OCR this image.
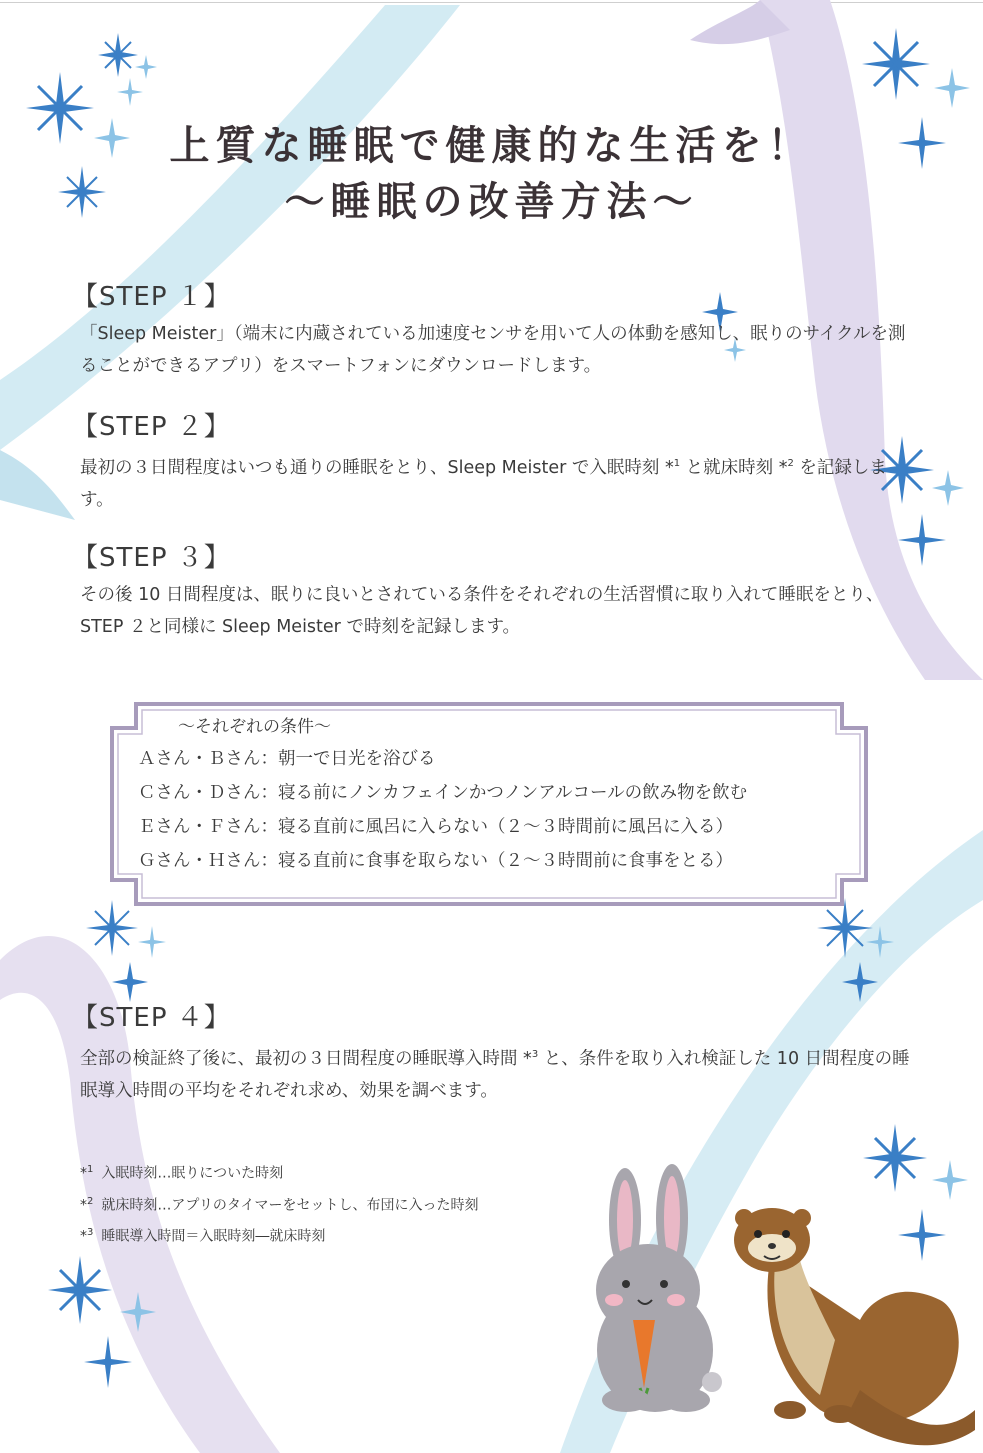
上質な睡眠で健康的な生活を！
～睡眠の改善方法～
【STEP １】

「Sleep Meister」（端末に内蔵されている加速度センサを用いて人の体動を感知し、眠りのサイクルを測ることができるアプリ）をスマートフォンにダウンロードします。

【STEP ２】

最初の３日間程度はいつも通りの睡眠をとり、Sleep Meister で入眠時刻 *$^1$ と就床時刻 *$^2$ を記録します。

【STEP ３】

その後 10 日間程度は、眠りに良いとされている条件をそれぞれの生活習慣に取り入れて睡眠をとり、STEP ２と同様に Sleep Meister で時刻を記録します。

～それぞれの条件～
Ａさん・Ｂさん：朝一で日光を浴びる
Ｃさん・Ｄさん：寝る前にノンカフェインかつノンアルコールの飲み物を飲む
Ｅさん・Ｆさん：寝る直前に風呂に入らない（２～３時間前に風呂に入る）
Ｇさん・Ｈさん：寝る直前に食事を取らない（２～３時間前に食事をとる）
【STEP ４】

全部の検証終了後に、最初の３日間程度の睡眠導入時間 *$^3$ と、条件を取り入れ検証した 10 日間程度の睡眠導入時間の平均をそれぞれ求め、効果を調べます。

*$^1$ 入眠時刻…眠りについた時刻
*$^2$ 就床時刻…アプリのタイマーをセットし、布団に入った時刻
*$^3$ 睡眠導入時間＝入眠時刻―就床時刻
